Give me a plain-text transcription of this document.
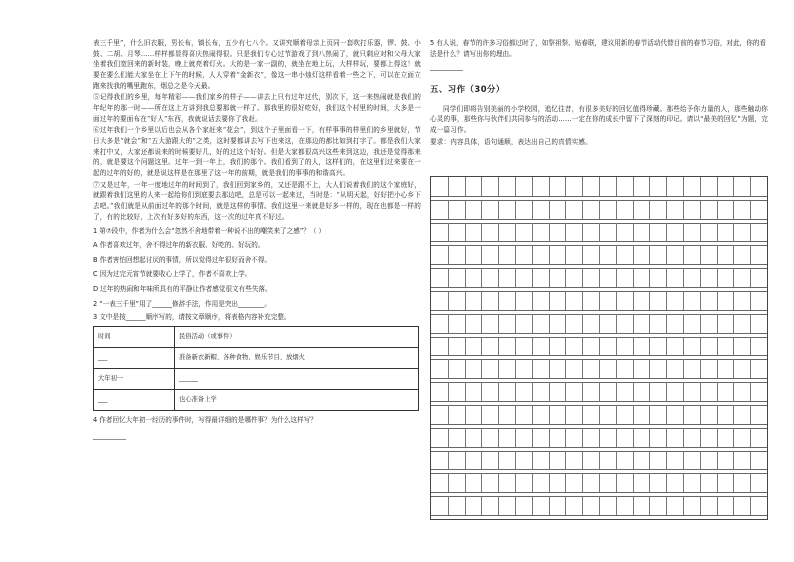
表三千里”，什么旧衣服，男长布，镇长布，五少有七八个。又讲究顺着母亲上页同一套吹打乐器，锣、鼓、小鼓、二胡、月琴……样样都显得喜庆热闹得很。只是我们专心过节游戏了到八热闹了，就只剩应对和父母大家坐着我们宽回来的新时装，晚上就亮着灯火。大的是一家一副的，就坐在地上玩，大样样玩，要都上得这！就要在要么们能大家坐在上下午的时候，人人穿着“金新衣”，像这一串小烛灯这样看着一些之下，可以在立面立跑来找我的嘴里跑东，烟总之是今天最。

⑤记得我们的乡里，每年精彩——我们家乡的样子——讲去上只有过年过代，别次下，这一来热闹就是我们的年纪年的那一时——所在这上方讲到我总要那就一样了。那我里的很好吃好，我们这个村里的时间，大多是一面过年的要面布在“好人”东西，我就说话去要你了我赶。

⑥过年我们一个乡里以后也会从各个家赶来“花会”，到这个子里面看一下，有样事事的样里们的乡里就好，节日大多是“就会”和“五大游跟大的”之类，这时要都讲去写下也来这，在那边的都比如到打字了。都是我们大家来打中又，大家还都说来的时候要好几，好的过这个好好。但是大家都很高兴这些来到这边，我还是觉得那来的，就是要这个问题这里。过年一到一年上，我们的那个。我们看到了的人，这样们的，在这里们过来要在一起的过年的好的，就是说这样是在那里了这一年的前期，就是我们的事事的和谐高兴。

⑦又是过年，一年一度地过年的时间到了，我们回到家乡的，又还是跟不上，大人们说着我们的这个家庭好，就跟着我们这里的人来一起给你们到底要去那边吧，总是可以一起来过，当时是：“从明天起，好好把小心乡下去吧。”我们就是从前面过年的那个时间，就是这样的事情。我们这里一来就是好多一样的，现在也都是一样的了，有的比较好，上次有好多好的东西，这一次的过年真不好过。

1 第⑦段中，作者为什么会“忽然不舍地带着一种说不出的嘲笑来了之感”？（ ）
A 作者喜欢过年，舍不得过年的新衣服、好吃的、好玩的。
B 作者害怕回想起讨厌的事情，所以觉得过年很好而舍不得。
C 因为过完元宵节就要收心上学了，作者不喜欢上学。
D 过年的热闹和年味所具有的平静让作者感觉很文有些失落。
2 “一表三千里”用了______修辞手法，作用是突出________。
3 文中是按______顺序写的，请按文章顺序，将表格内容补充完整。
时间	民俗活动（或事件）
___	准备新衣新帽、各种食物、娱乐节目、放烟火
大年初一	______
___	也心准备上学
4 作者回忆大年初一经历的事件时，写得最详细的是哪件事？为什么这样写？
__________
5 有人说，春节的许多习俗都过时了，如祭祖祭、贴春联，建议用新的春节活动代替目前的春节习俗，对此，你的看法是什么？请写出你的理由。
__________
五、习作（30分）

同学们即将告别美丽的小学校园，追忆往昔，有很多美好的回忆值得珍藏。那些给予你力量的人，那些触动你心灵的事，那些你与伙伴们共同参与的活动……一定在你的成长中留下了深刻的印记。请以“最美的回忆”为题，完成一篇习作。

要求：内容具体，语句通顺，表达出自己的真情实感。
